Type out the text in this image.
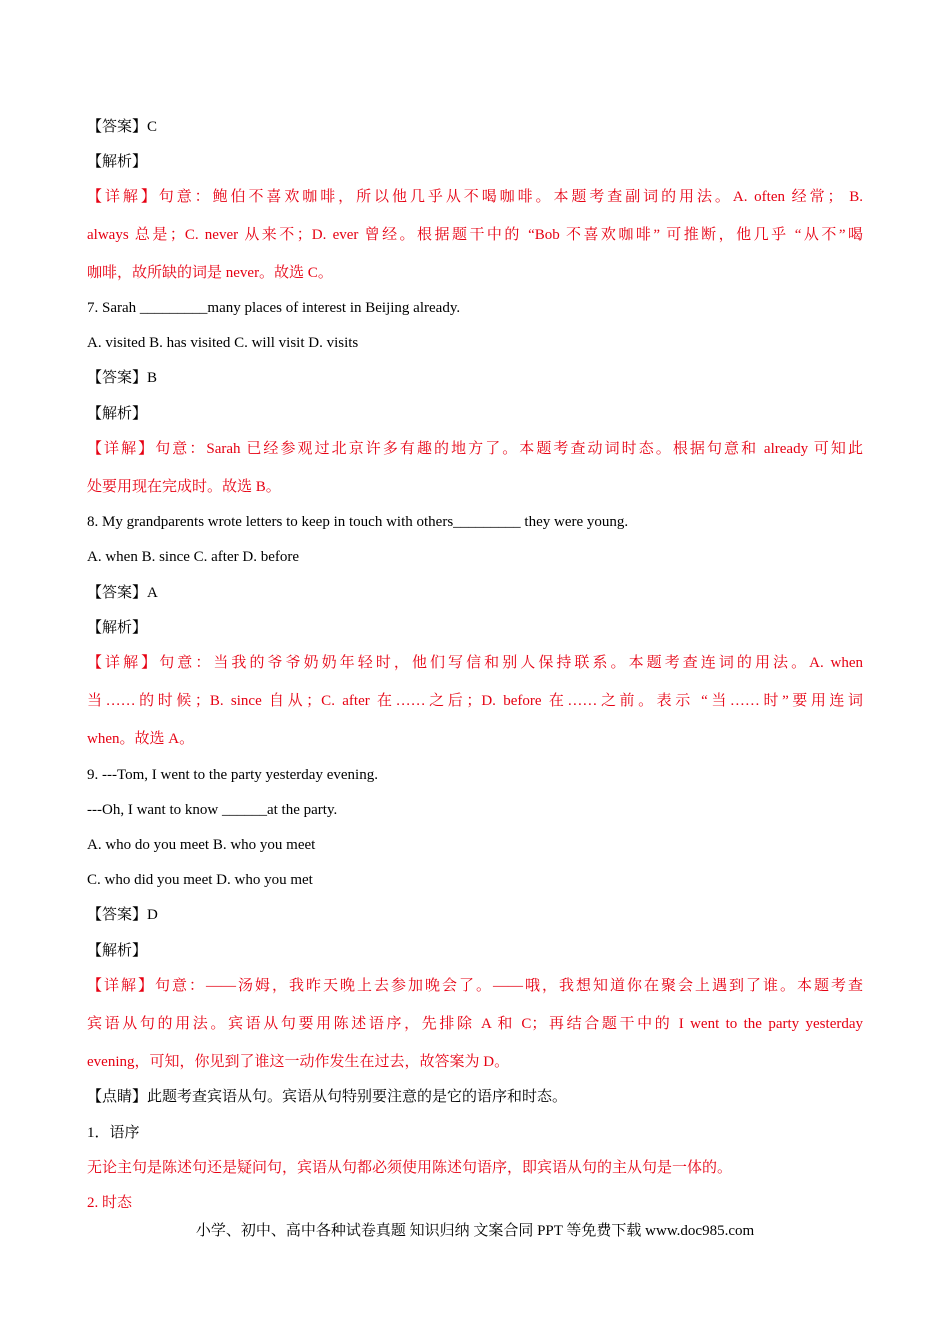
【答案】C
【解析】
【详解】句意：鲍伯不喜欢咖啡，所以他几乎从不喝咖啡。本题考查副词的用法。A. often 经常； B.
always 总是；C. never 从来不；D. ever 曾经。根据题干中的 “Bob 不喜欢咖啡” 可推断，他几乎 “从不”喝
咖啡，故所缺的词是 never。故选 C。
7. Sarah _________many places of interest in Beijing already.
A. visited B. has visited C. will visit D. visits
【答案】B
【解析】
【详解】句意：Sarah 已经参观过北京许多有趣的地方了。本题考查动词时态。根据句意和 already 可知此
处要用现在完成时。故选 B。
8. My grandparents wrote letters to keep in touch with others_________ they were young.
A. when B. since C. after D. before
【答案】A
【解析】
【详解】句意：当我的爷爷奶奶年轻时，他们写信和别人保持联系。本题考查连词的用法。A. when
当……的时候；B. since 自从；C. after 在……之后；D. before 在……之前。表示 “当……时”要用连词
when。故选 A。
9. ---Tom, I went to the party yesterday evening.
---Oh, I want to know ______at the party.
A. who do you meet B. who you meet
C. who did you meet D. who you met
【答案】D
【解析】
【详解】句意：——汤姆，我昨天晚上去参加晚会了。——哦，我想知道你在聚会上遇到了谁。本题考查
宾语从句的用法。宾语从句要用陈述语序，先排除 A 和 C；再结合题干中的 I went to the party yesterday
evening，可知，你见到了谁这一动作发生在过去，故答案为 D。
【点睛】此题考查宾语从句。宾语从句特别要注意的是它的语序和时态。
1．语序
无论主句是陈述句还是疑问句，宾语从句都必须使用陈述句语序，即宾语从句的主从句是一体的。
2. 时态
小学、初中、高中各种试卷真题 知识归纳 文案合同 PPT 等免费下载 www.doc985.com
